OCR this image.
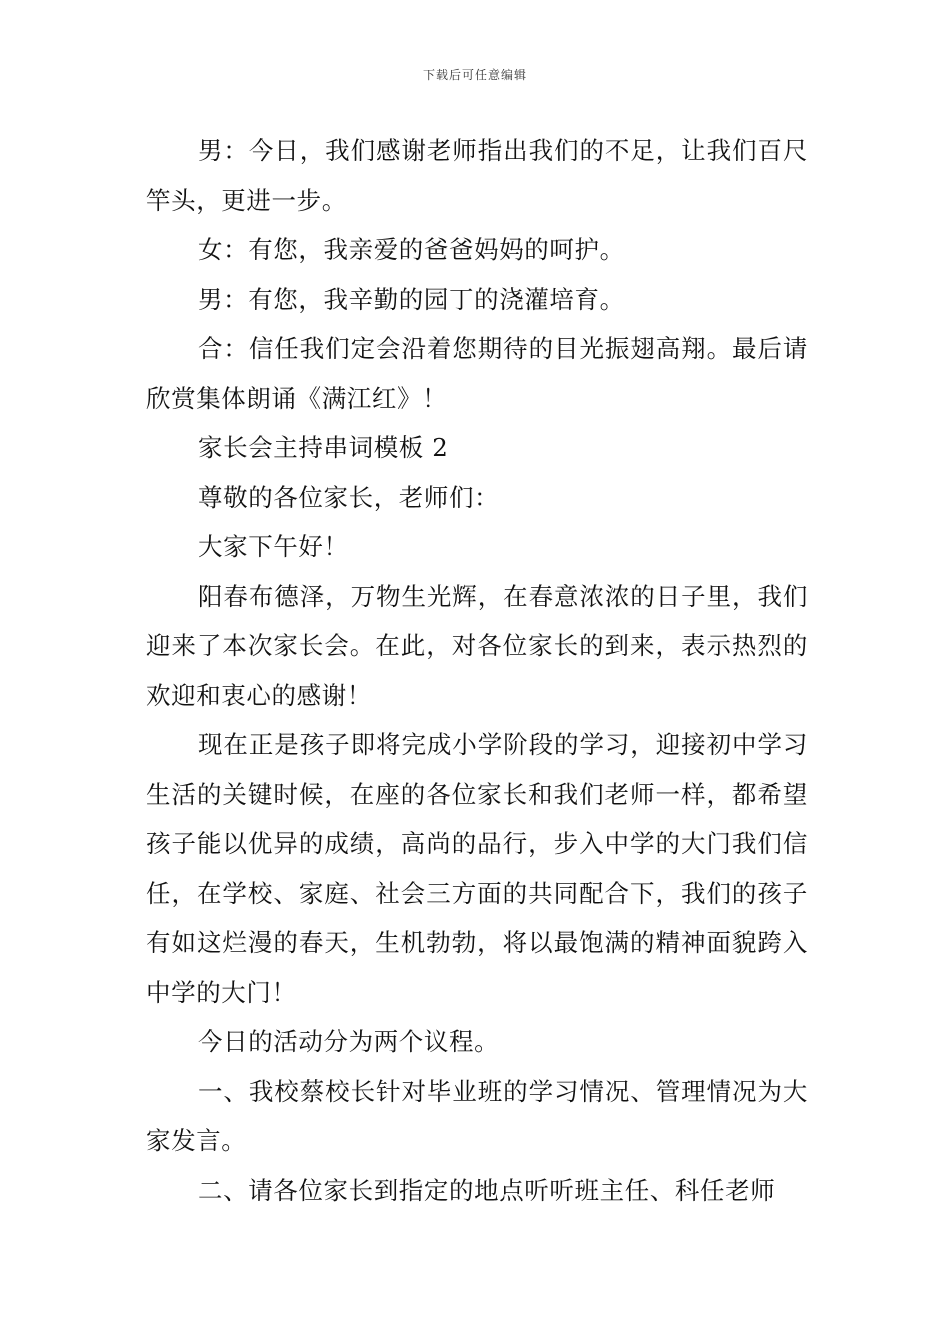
下载后可任意编辑

男：今日，我们感谢老师指出我们的不足，让我们百尺竿头，更进一步。

女：有您，我亲爱的爸爸妈妈的呵护。

男：有您，我辛勤的园丁的浇灌培育。

合：信任我们定会沿着您期待的目光振翅高翔。最后请欣赏集体朗诵《满江红》！

家长会主持串词模板 2

尊敬的各位家长，老师们：

大家下午好！

阳春布德泽，万物生光辉，在春意浓浓的日子里，我们迎来了本次家长会。在此，对各位家长的到来，表示热烈的欢迎和衷心的感谢！

现在正是孩子即将完成小学阶段的学习，迎接初中学习生活的关键时候，在座的各位家长和我们老师一样，都希望孩子能以优异的成绩，高尚的品行，步入中学的大门我们信任，在学校、家庭、社会三方面的共同配合下，我们的孩子有如这烂漫的春天，生机勃勃，将以最饱满的精神面貌跨入中学的大门！

今日的活动分为两个议程。

一、我校蔡校长针对毕业班的学习情况、管理情况为大家发言。

二、请各位家长到指定的地点听听班主任、科任老师
